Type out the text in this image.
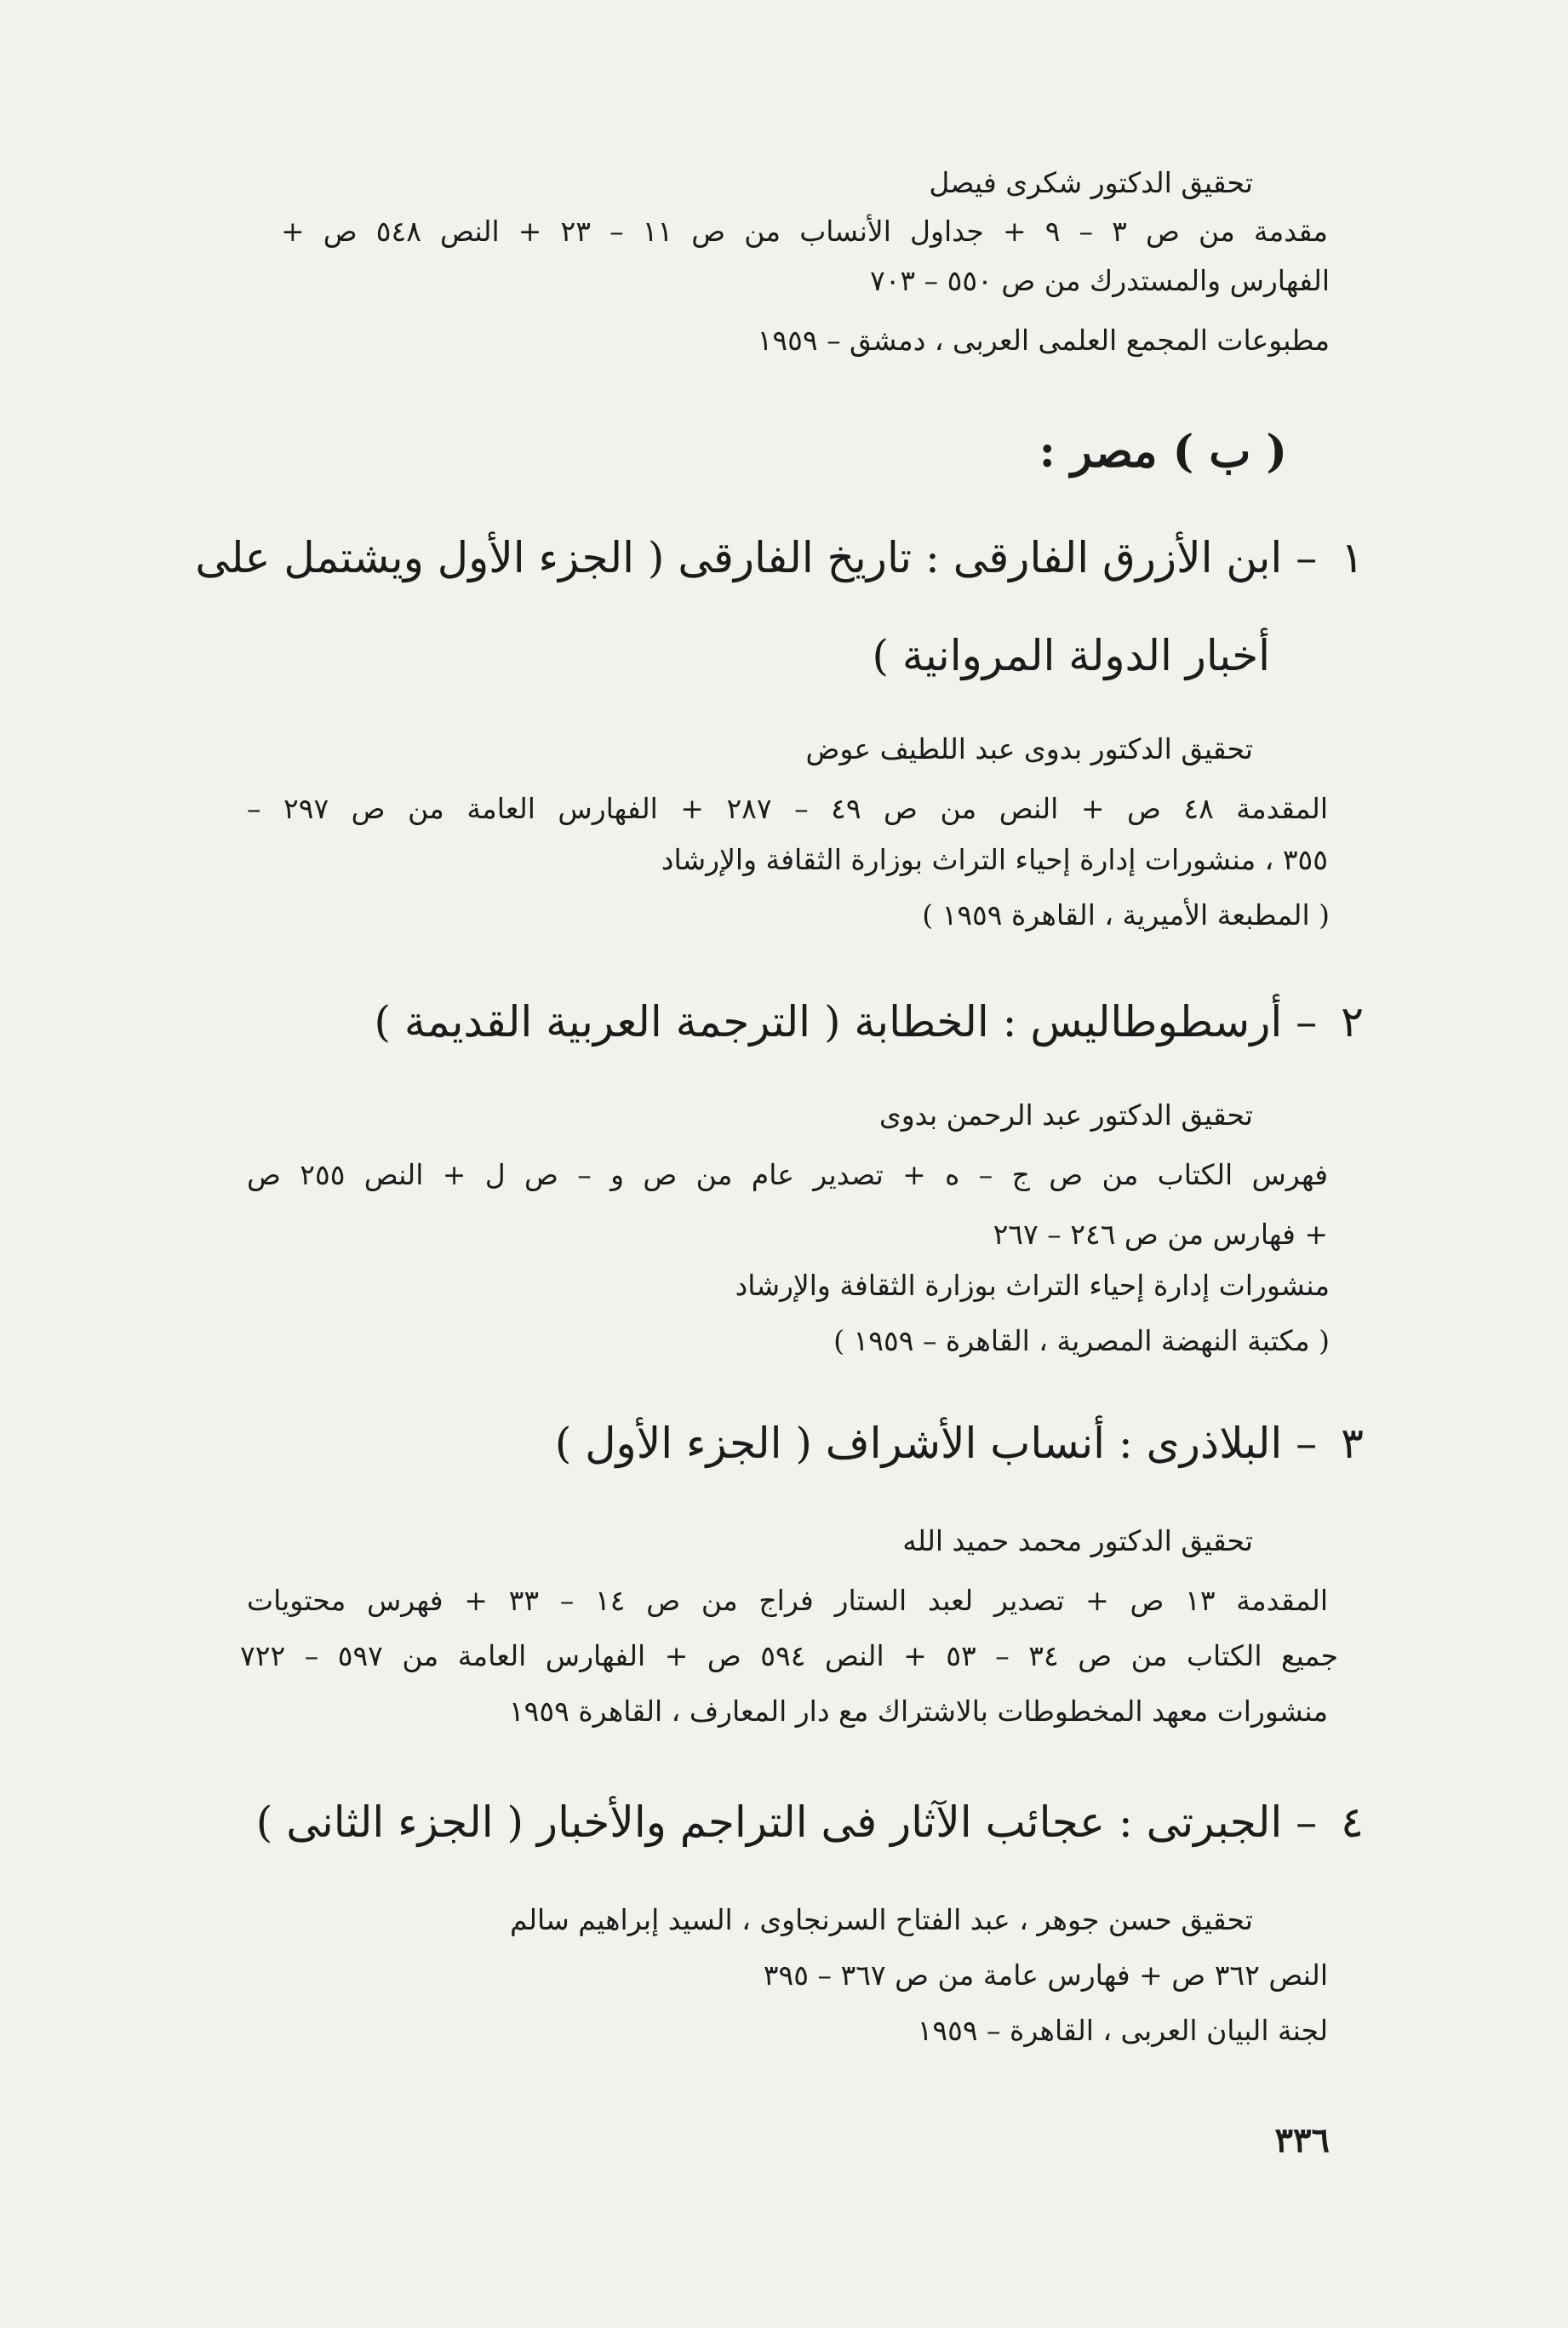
تحقيق الدكتور شكرى فيصل
مقدمة من ص ٣ – ٩ + جداول الأنساب من ص ١١ – ٢٣ + النص ٥٤٨ ص +
الفهارس والمستدرك من ص ٥٥٠ – ٧٠٣
مطبوعات المجمع العلمى العربى ، دمشق – ١٩٥٩
( ب ) مصر :
١– ابن الأزرق الفارقى : تاريخ الفارقى ( الجزء الأول ويشتمل على
أخبار الدولة المروانية )
تحقيق الدكتور بدوى عبد اللطيف عوض
المقدمة ٤٨ ص + النص من ص ٤٩ – ٢٨٧ + الفهارس العامة من ص ٢٩٧ –
٣٥٥ ، منشورات إدارة إحياء التراث بوزارة الثقافة والإرشاد
( المطبعة الأميرية ، القاهرة ١٩٥٩ )
٢– أرسطوطاليس : الخطابة ( الترجمة العربية القديمة )
تحقيق الدكتور عبد الرحمن بدوى
فهرس الكتاب من ص ج – ه + تصدير عام من ص و – ص ل + النص ٢٥٥ ص
+ فهارس من ص ٢٤٦ – ٢٦٧
منشورات إدارة إحياء التراث بوزارة الثقافة والإرشاد
( مكتبة النهضة المصرية ، القاهرة – ١٩٥٩ )
٣– البلاذرى : أنساب الأشراف ( الجزء الأول )
تحقيق الدكتور محمد حميد الله
المقدمة ١٣ ص + تصدير لعبد الستار فراج من ص ١٤ – ٣٣ + فهرس محتويات
جميع الكتاب من ص ٣٤ – ٥٣ + النص ٥٩٤ ص + الفهارس العامة من ٥٩٧ – ٧٢٢
منشورات معهد المخطوطات بالاشتراك مع دار المعارف ، القاهرة ١٩٥٩
٤– الجبرتى : عجائب الآثار فى التراجم والأخبار ( الجزء الثانى )
تحقيق حسن جوهر ، عبد الفتاح السرنجاوى ، السيد إبراهيم سالم
النص ٣٦٢ ص + فهارس عامة من ص ٣٦٧ – ٣٩٥
لجنة البيان العربى ، القاهرة – ١٩٥٩
٣٣٦
